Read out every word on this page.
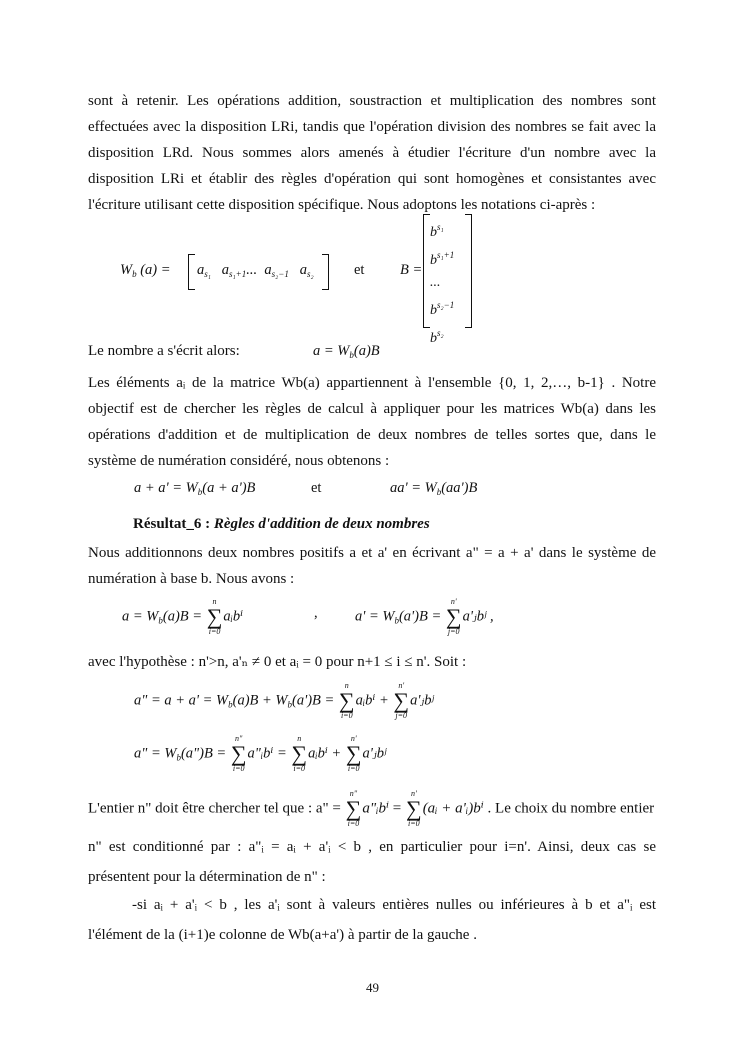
sont à retenir. Les opérations addition, soustraction et multiplication des nombres sont

effectuées avec la disposition LRi, tandis que l'opération division des nombres se fait avec la

disposition LRd. Nous sommes alors amenés à étudier l'écriture d'un nombre avec la

disposition LRi et établir des règles d'opération qui sont homogènes et consistantes avec

l'écriture utilisant cette disposition spécifique. Nous adoptons les notations ci-après :

$W_b$ $(a) = a_{s_1}$ $a_{s_1+1}$... $a_{s_2-1}$ $a_{s_2}$	et B =
$b^{s_1}$
$b^{s_1+1}$
...
$b^{s_2-1}$
$b^{s_2}$
Le nombre a s'écrit alors:	$a = W_b(a)B$

Les éléments aᵢ de la matrice Wb(a) appartiennent à l'ensemble {0, 1, 2,…, b-1} . Notre

objectif est de chercher les règles de calcul à appliquer pour les matrices Wb(a) dans les

opérations d'addition et de multiplication de deux nombres de telles sortes que, dans le

système de numération considéré, nous obtenons :

$a + a' = W_b(a + a')B$	et	$aa' = W_b(aa')B$
Résultat_6 : Règles d'addition de deux nombres

Nous additionnons deux nombres positifs a et a' en écrivant a" = a + a' dans le système de

numération à base b. Nous avons :

$a = W_b(a)B$ =
n
∑
i=0
aᵢbⁱ	,	$a' = W_b(a')B$ =
n'
∑
j=0
a'ⱼbʲ ,
avec l'hypothèse : n'>n, a'ₙ ≠ 0 et aᵢ = 0 pour n+1 ≤ i ≤ n'. Soit :
a" = $a + a' = W_b(a)B + W_b(a')B$ =
n
∑
i=0
aᵢbⁱ +
n'
∑
j=0
a'ⱼbʲ
a" = $W_b(a")B$ =
n"
∑
i=0
a"ᵢbⁱ =
n
∑
i=0
aᵢbⁱ +
n'
∑
i=0
a'ⱼbʲ
L'entier n" doit être chercher tel que : a" =
n"
∑
i=0
a"ᵢbⁱ =
n'
∑
i=0
(aᵢ + a'ᵢ)bⁱ . Le choix du nombre entier

n" est conditionné par : a"ᵢ = aᵢ + a'ᵢ < b , en particulier pour i=n'. Ainsi, deux cas se

présentent pour la détermination de n" :

-si aᵢ + a'ᵢ < b , les a'ᵢ sont à valeurs entières nulles ou inférieures à b et a"ᵢ est

l'élément de la (i+1)e colonne de Wb(a+a') à partir de la gauche .

49
